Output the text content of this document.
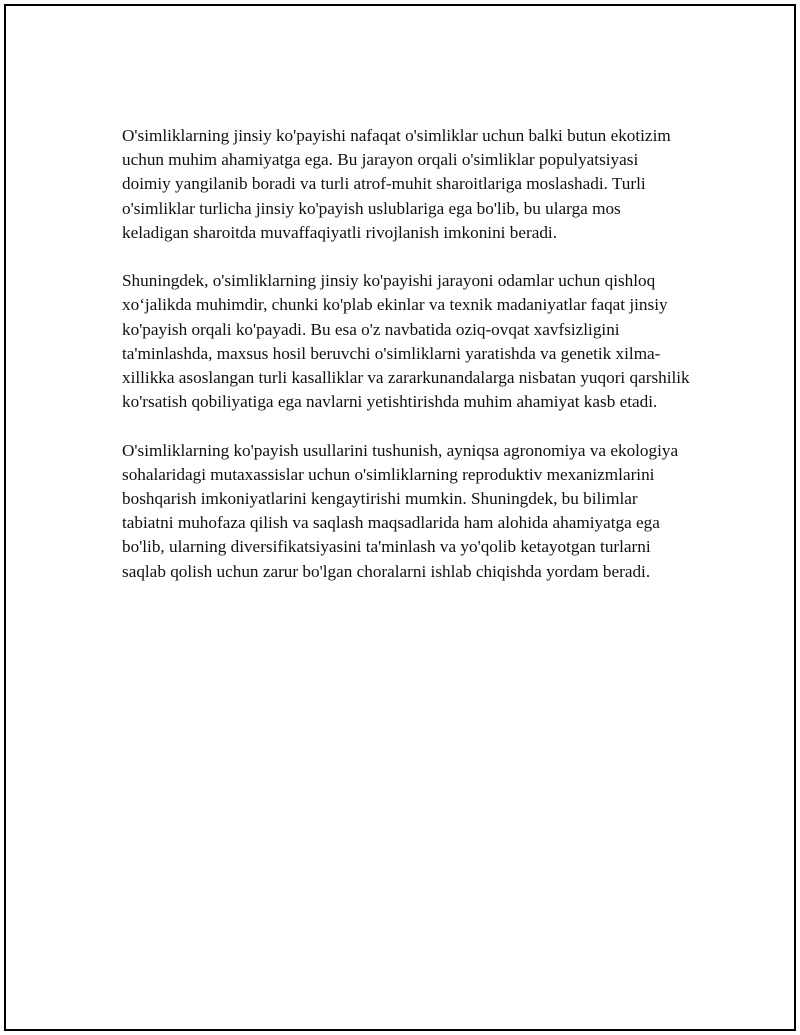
O'simliklarning jinsiy ko'payishi nafaqat o'simliklar uchun balki butun ekotizim uchun muhim ahamiyatga ega. Bu jarayon orqali o'simliklar populyatsiyasi doimiy yangilanib boradi va turli atrof-muhit sharoitlariga moslashadi. Turli o'simliklar turlicha jinsiy ko'payish uslublariga ega bo'lib, bu ularga mos keladigan sharoitda muvaffaqiyatli rivojlanish imkonini beradi.

Shuningdek, o'simliklarning jinsiy ko'payishi jarayoni odamlar uchun qishloq xo‘jalikda muhimdir, chunki ko'plab ekinlar va texnik madaniyatlar faqat jinsiy ko'payish orqali ko'payadi. Bu esa o'z navbatida oziq-ovqat xavfsizligini ta'minlashda, maxsus hosil beruvchi o'simliklarni yaratishda va genetik xilma-xillikka asoslangan turli kasalliklar va zararkunandalarga nisbatan yuqori qarshilik ko'rsatish qobiliyatiga ega navlarni yetishtirishda muhim ahamiyat kasb etadi.

O'simliklarning ko'payish usullarini tushunish, ayniqsa agronomiya va ekologiya sohalaridagi mutaxassislar uchun o'simliklarning reproduktiv mexanizmlarini boshqarish imkoniyatlarini kengaytirishi mumkin. Shuningdek, bu bilimlar tabiatni muhofaza qilish va saqlash maqsadlarida ham alohida ahamiyatga ega bo'lib, ularning diversifikatsiyasini ta'minlash va yo'qolib ketayotgan turlarni saqlab qolish uchun zarur bo'lgan choralarni ishlab chiqishda yordam beradi.
